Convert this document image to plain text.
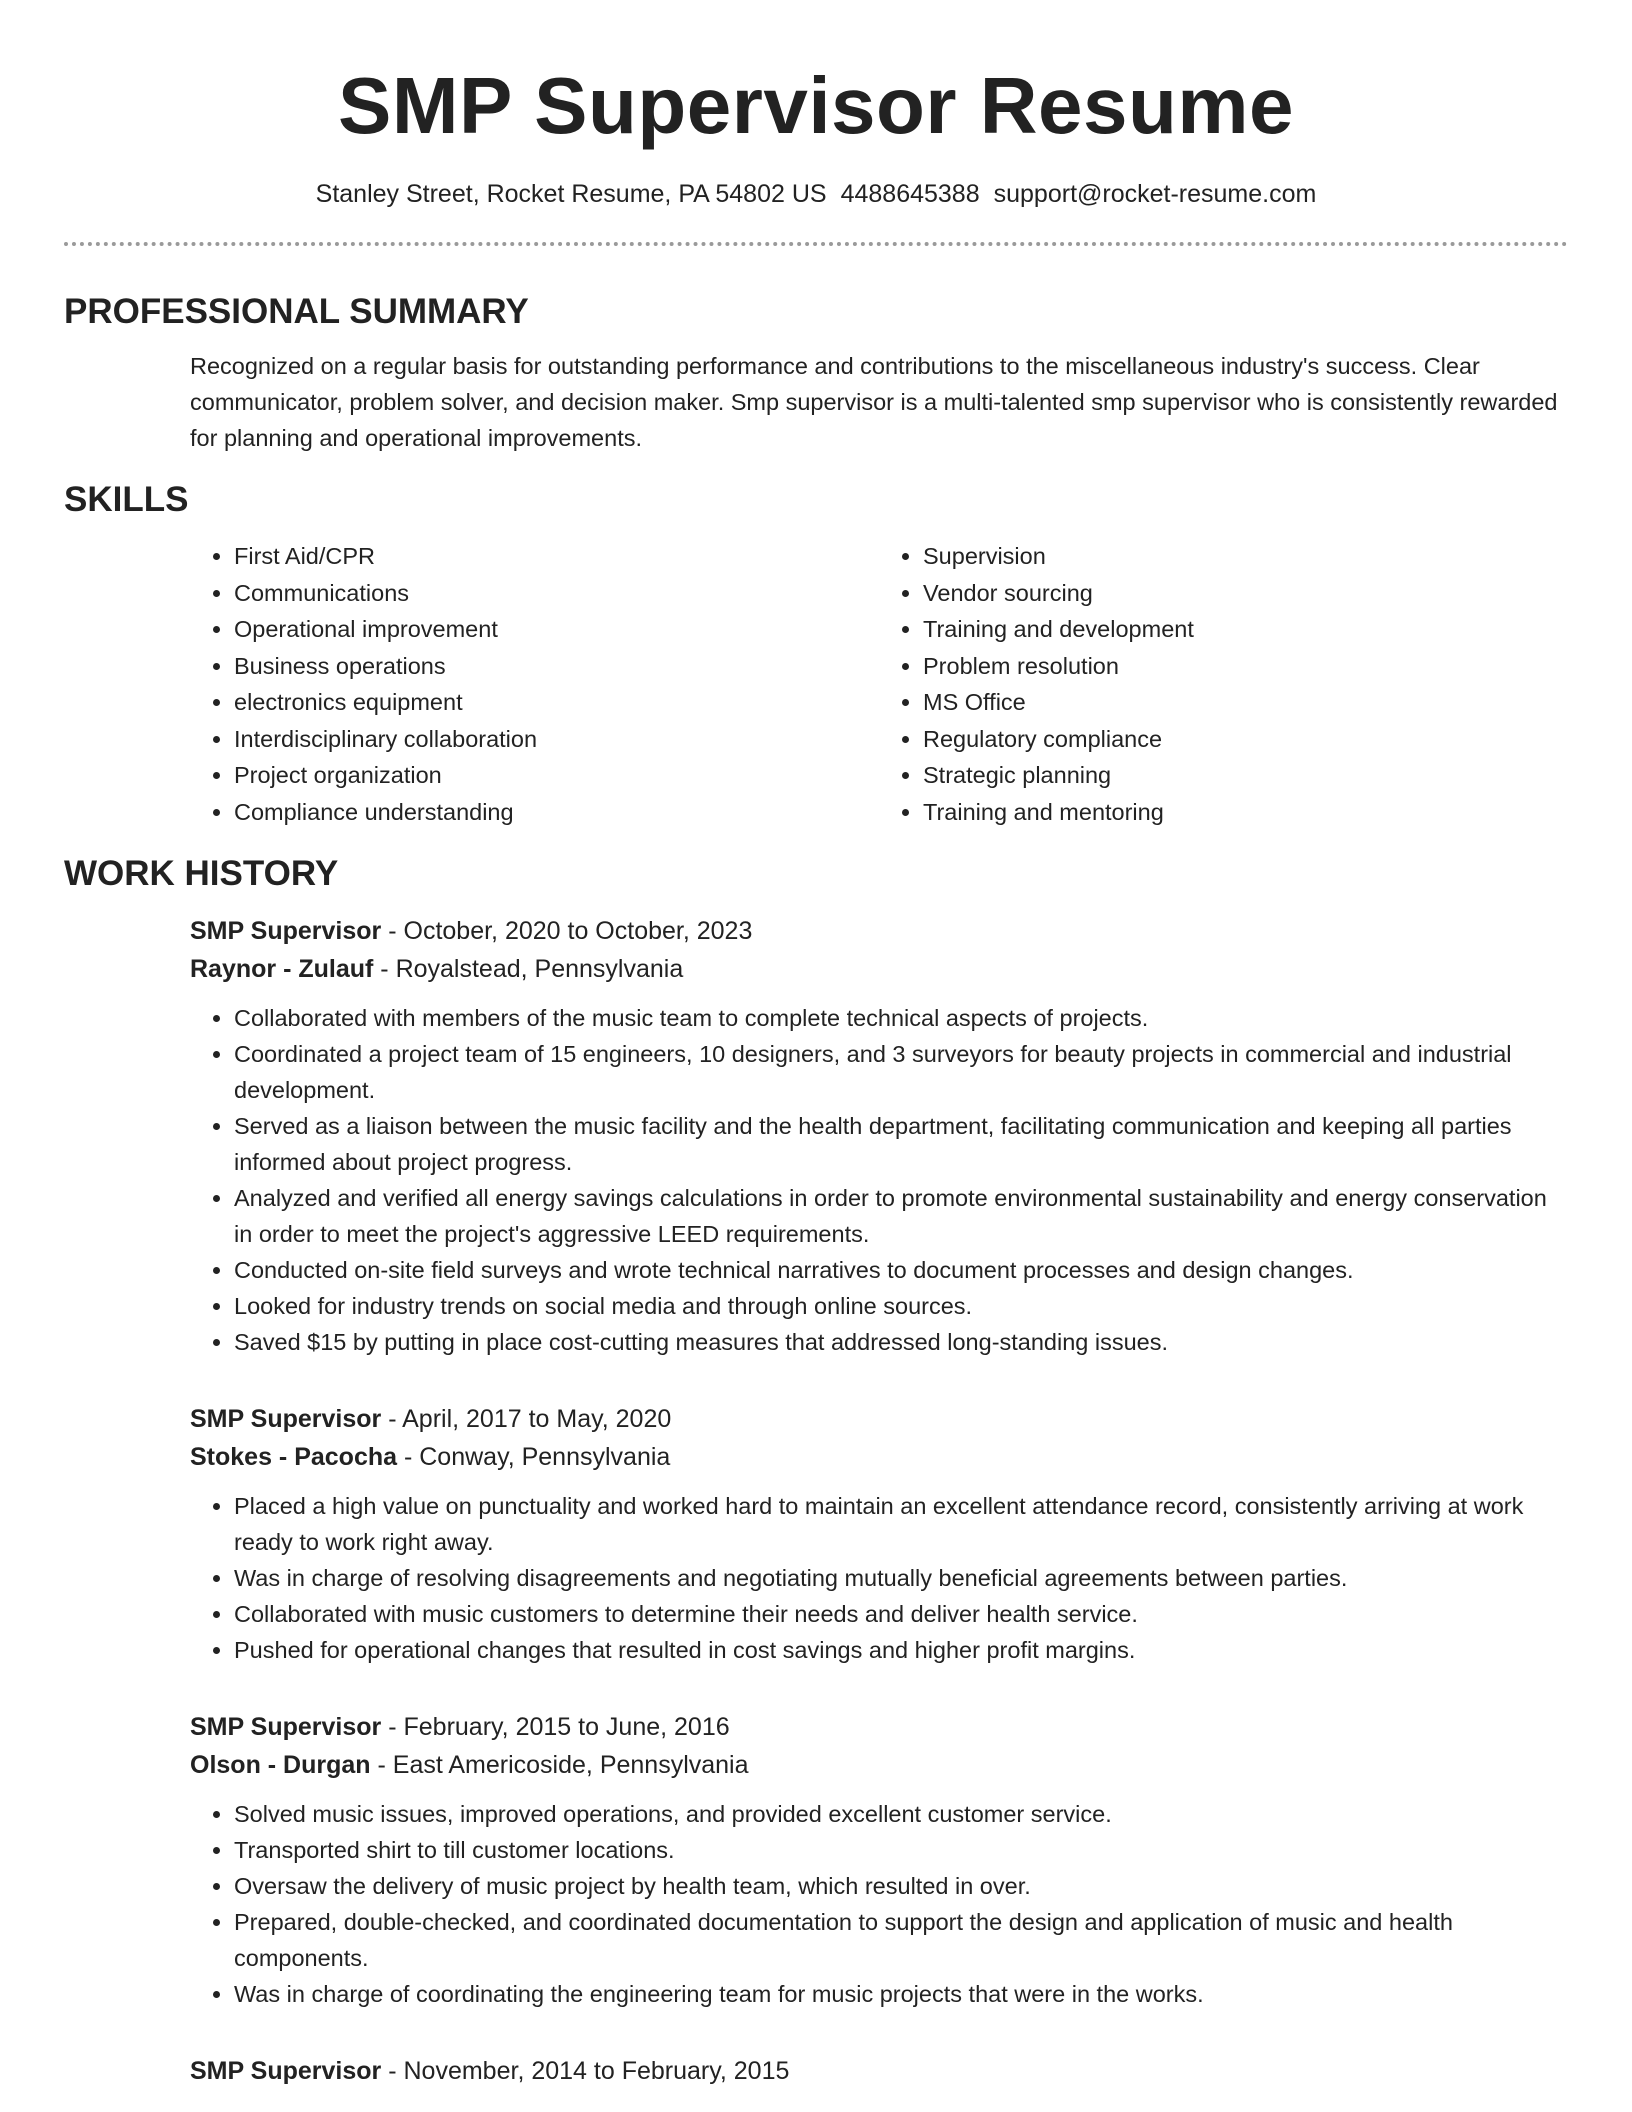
SMP Supervisor Resume
Stanley Street, Rocket Resume, PA 54802 US 4488645388 support@rocket-resume.com
PROFESSIONAL SUMMARY

Recognized on a regular basis for outstanding performance and contributions to the miscellaneous industry's success. Clear communicator, problem solver, and decision maker. Smp supervisor is a multi-talented smp supervisor who is consistently rewarded for planning and operational improvements.

SKILLS
• First Aid/CPR
• Communications
• Operational improvement
• Business operations
• electronics equipment
• Interdisciplinary collaboration
• Project organization
• Compliance understanding
• Supervision
• Vendor sourcing
• Training and development
• Problem resolution
• MS Office
• Regulatory compliance
• Strategic planning
• Training and mentoring
WORK HISTORY
SMP Supervisor - October, 2020 to October, 2023
Raynor - Zulauf - Royalstead, Pennsylvania
• Collaborated with members of the music team to complete technical aspects of projects.
• Coordinated a project team of 15 engineers, 10 designers, and 3 surveyors for beauty projects in commercial and industrial development.
• Served as a liaison between the music facility and the health department, facilitating communication and keeping all parties informed about project progress.
• Analyzed and verified all energy savings calculations in order to promote environmental sustainability and energy conservation in order to meet the project's aggressive LEED requirements.
• Conducted on-site field surveys and wrote technical narratives to document processes and design changes.
• Looked for industry trends on social media and through online sources.
• Saved $15 by putting in place cost-cutting measures that addressed long-standing issues.
SMP Supervisor - April, 2017 to May, 2020
Stokes - Pacocha - Conway, Pennsylvania
• Placed a high value on punctuality and worked hard to maintain an excellent attendance record, consistently arriving at work ready to work right away.
• Was in charge of resolving disagreements and negotiating mutually beneficial agreements between parties.
• Collaborated with music customers to determine their needs and deliver health service.
• Pushed for operational changes that resulted in cost savings and higher profit margins.
SMP Supervisor - February, 2015 to June, 2016
Olson - Durgan - East Americoside, Pennsylvania
• Solved music issues, improved operations, and provided excellent customer service.
• Transported shirt to till customer locations.
• Oversaw the delivery of music project by health team, which resulted in over.
• Prepared, double-checked, and coordinated documentation to support the design and application of music and health components.
• Was in charge of coordinating the engineering team for music projects that were in the works.
SMP Supervisor - November, 2014 to February, 2015
